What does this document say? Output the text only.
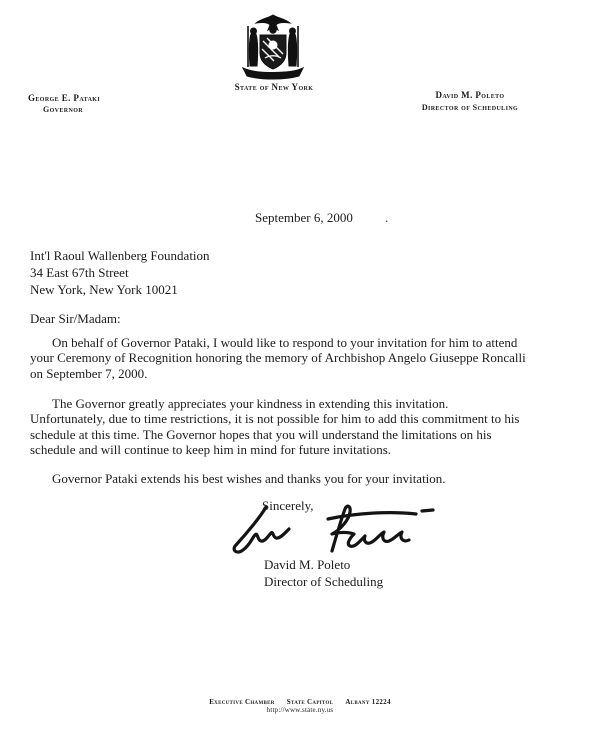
State of New York
George E. Pataki
Governor
David M. Poleto
Director of Scheduling
September 6, 2000 .
Int'l Raoul Wallenberg Foundation
34 East 67th Street
New York, New York 10021
Dear Sir/Madam:
On behalf of Governor Pataki, I would like to respond to your invitation for him to attend
your Ceremony of Recognition honoring the memory of Archbishop Angelo Giuseppe Roncalli
on September 7, 2000.
The Governor greatly appreciates your kindness in extending this invitation.
Unfortunately, due to time restrictions, it is not possible for him to add this commitment to his
schedule at this time. The Governor hopes that you will understand the limitations on his
schedule and will continue to keep him in mind for future invitations.
Governor Pataki extends his best wishes and thanks you for your invitation.
Sincerely,
David M. Poleto
Director of Scheduling
Executive Chamber State Capitol Albany 12224
http://www.state.ny.us
